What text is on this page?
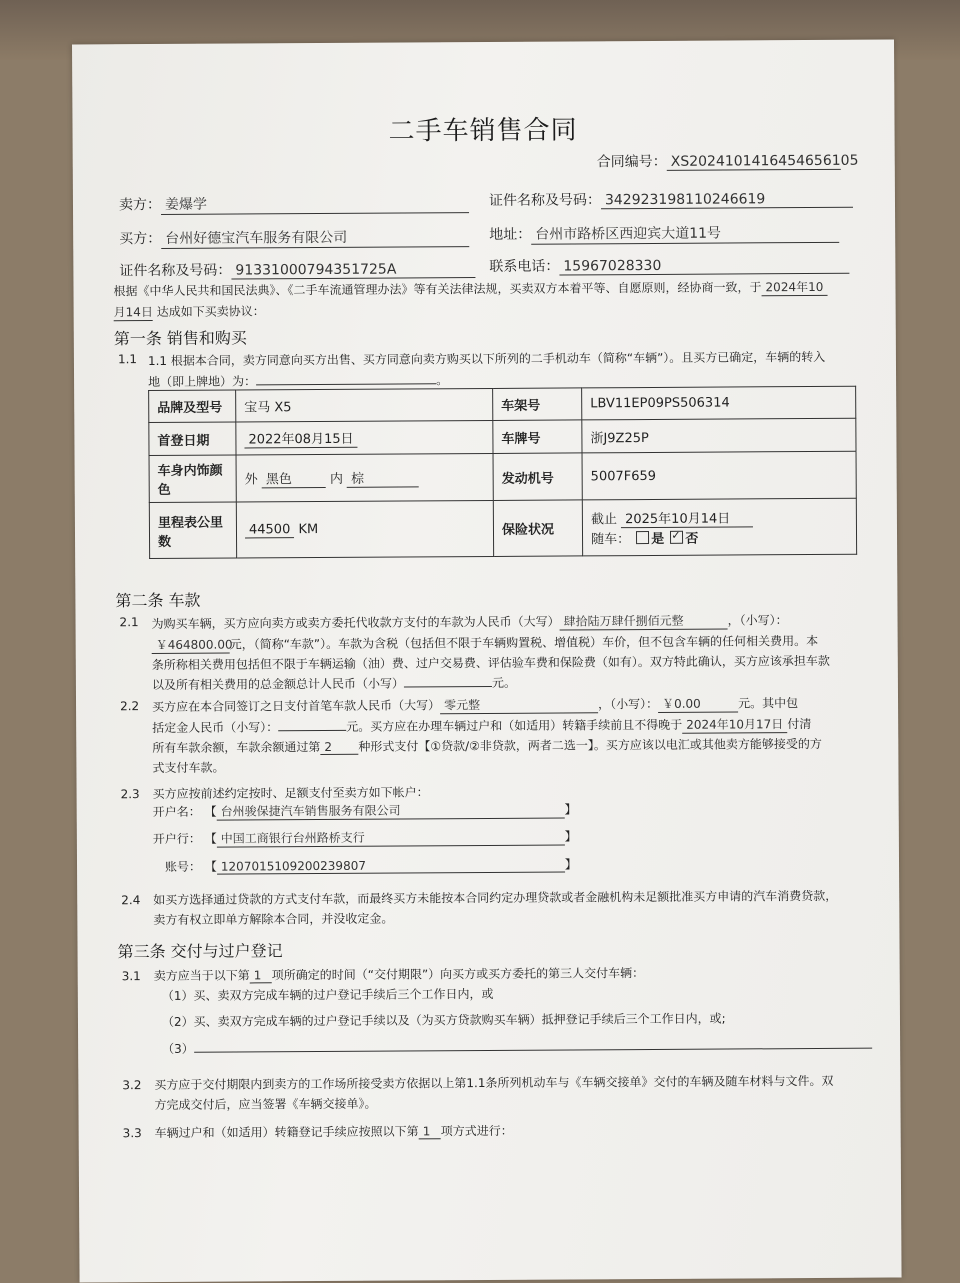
二手车销售合同
合同编号： XS2024101416454656105
卖方： 姜爆学	证件名称及号码： 342923198110246619
买方： 台州好德宝汽车服务有限公司	地址： 台州市路桥区西迎宾大道11号
证件名称及号码： 91331000794351725A	联系电话： 15967028330
根据《中华人民共和国民法典》、《二手车流通管理办法》等有关法律法规，买卖双方本着平等、自愿原则，经协商一致，于 2024年10
月14日 达成如下买卖协议：
第一条 销售和购买
1.1 1.1 根据本合同，卖方同意向买方出售、买方同意向卖方购买以下所列的二手机动车（简称“车辆”）。且买方已确定，车辆的转入
地（即上牌地）为：	。
品牌及型号	宝马 X5	车架号	LBV11EP09PS506314
首登日期	2022年08月15日	车牌号	浙J9Z25P
车身内饰颜色	外 黑色 内 棕	发动机号	5007F659
里程表公里数	44500 KM	保险状况	截止 2025年10月14日
随车： 是 ✓ 否
第二条 车款
2.1 为购买车辆，买方应向卖方或卖方委托代收款方支付的车款为人民币（大写） 肆拾陆万肆仟捌佰元整	，（小写）：
￥464800.00元，（简称“车款”）。车款为含税（包括但不限于车辆购置税、增值税）车价，但不包含车辆的任何相关费用。本
条所称相关费用包括但不限于车辆运输（油）费、过户交易费、评估验车费和保险费（如有）。双方特此确认，买方应该承担车款
以及所有相关费用的总金额总计人民币（小写）	元。
2.2 买方应在本合同签订之日支付首笔车款人民币（大写） 零元整	，（小写）： ￥0.00	元。其中包
括定金人民币（小写）：	元。买方应在办理车辆过户和（如适用）转籍手续前且不得晚于 2024年10月17日 付清
所有车款余额，车款余额通过第 2 种形式支付【①贷款/②非贷款，两者二选一】。买方应该以电汇或其他卖方能够接受的方
式支付车款。
2.3 买方应按前述约定按时、足额支付至卖方如下帐户：
开户名： 【 台州骏保捷汽车销售服务有限公司	】
开户行： 【 中国工商银行台州路桥支行	】
账号： 【 1207015109200239807	】
2.4 如买方选择通过贷款的方式支付车款，而最终买方未能按本合同约定办理贷款或者金融机构未足额批准买方申请的汽车消费贷款，
卖方有权立即单方解除本合同，并没收定金。
第三条 交付与过户登记
3.1 卖方应当于以下第 1 项所确定的时间（“交付期限”）向买方或买方委托的第三人交付车辆：
（1）买、卖双方完成车辆的过户登记手续后三个工作日内，或
（2）买、卖双方完成车辆的过户登记手续以及（为买方贷款购买车辆）抵押登记手续后三个工作日内，或;
（3）
3.2 买方应于交付期限内到卖方的工作场所接受卖方依据以上第1.1条所列机动车与《车辆交接单》交付的车辆及随车材料与文件。双
方完成交付后，应当签署《车辆交接单》。
3.3 车辆过户和（如适用）转籍登记手续应按照以下第 1 项方式进行：
